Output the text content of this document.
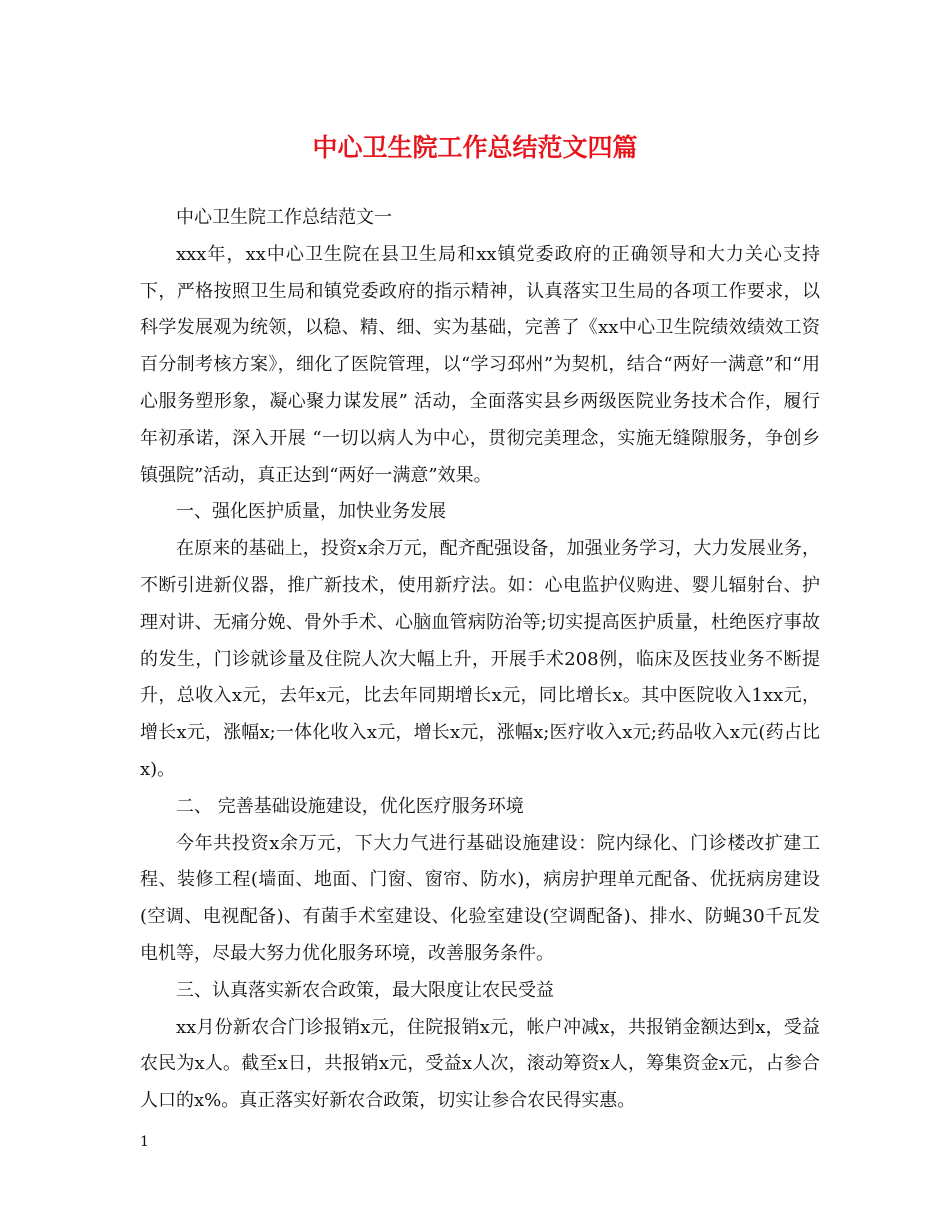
中心卫生院工作总结范文四篇

中心卫生院工作总结范文一

xxx年，xx中心卫生院在县卫生局和xx镇党委政府的正确领导和大力关心支持下，严格按照卫生局和镇党委政府的指示精神，认真落实卫生局的各项工作要求，以科学发展观为统领，以稳、精、细、实为基础，完善了《xx中心卫生院绩效绩效工资百分制考核方案》，细化了医院管理，以“学习邳州”为契机，结合“两好一满意”和“用心服务塑形象，凝心聚力谋发展” 活动，全面落实县乡两级医院业务技术合作，履行年初承诺，深入开展 “一切以病人为中心，贯彻完美理念，实施无缝隙服务，争创乡镇强院”活动，真正达到“两好一满意”效果。

一、强化医护质量，加快业务发展

在原来的基础上，投资x余万元，配齐配强设备，加强业务学习，大力发展业务，不断引进新仪器，推广新技术，使用新疗法。如：心电监护仪购进、婴儿辐射台、护理对讲、无痛分娩、骨外手术、心脑血管病防治等;切实提高医护质量，杜绝医疗事故的发生，门诊就诊量及住院人次大幅上升，开展手术208例，临床及医技业务不断提升，总收入x元，去年x元，比去年同期增长x元，同比增长x。其中医院收入1xx元，增长x元，涨幅x;一体化收入x元，增长x元，涨幅x;医疗收入x元;药品收入x元(药占比x)。

二、 完善基础设施建设，优化医疗服务环境

今年共投资x余万元，下大力气进行基础设施建设：院内绿化、门诊楼改扩建工程、装修工程(墙面、地面、门窗、窗帘、防水)，病房护理单元配备、优抚病房建设(空调、电视配备)、有菌手术室建设、化验室建设(空调配备)、排水、防蝇30千瓦发电机等，尽最大努力优化服务环境，改善服务条件。

三、认真落实新农合政策，最大限度让农民受益

xx月份新农合门诊报销x元，住院报销x元，帐户冲减x，共报销金额达到x，受益农民为x人。截至x日，共报销x元，受益x人次，滚动筹资x人，筹集资金x元，占参合人口的x%。真正落实好新农合政策，切实让参合农民得实惠。

1
